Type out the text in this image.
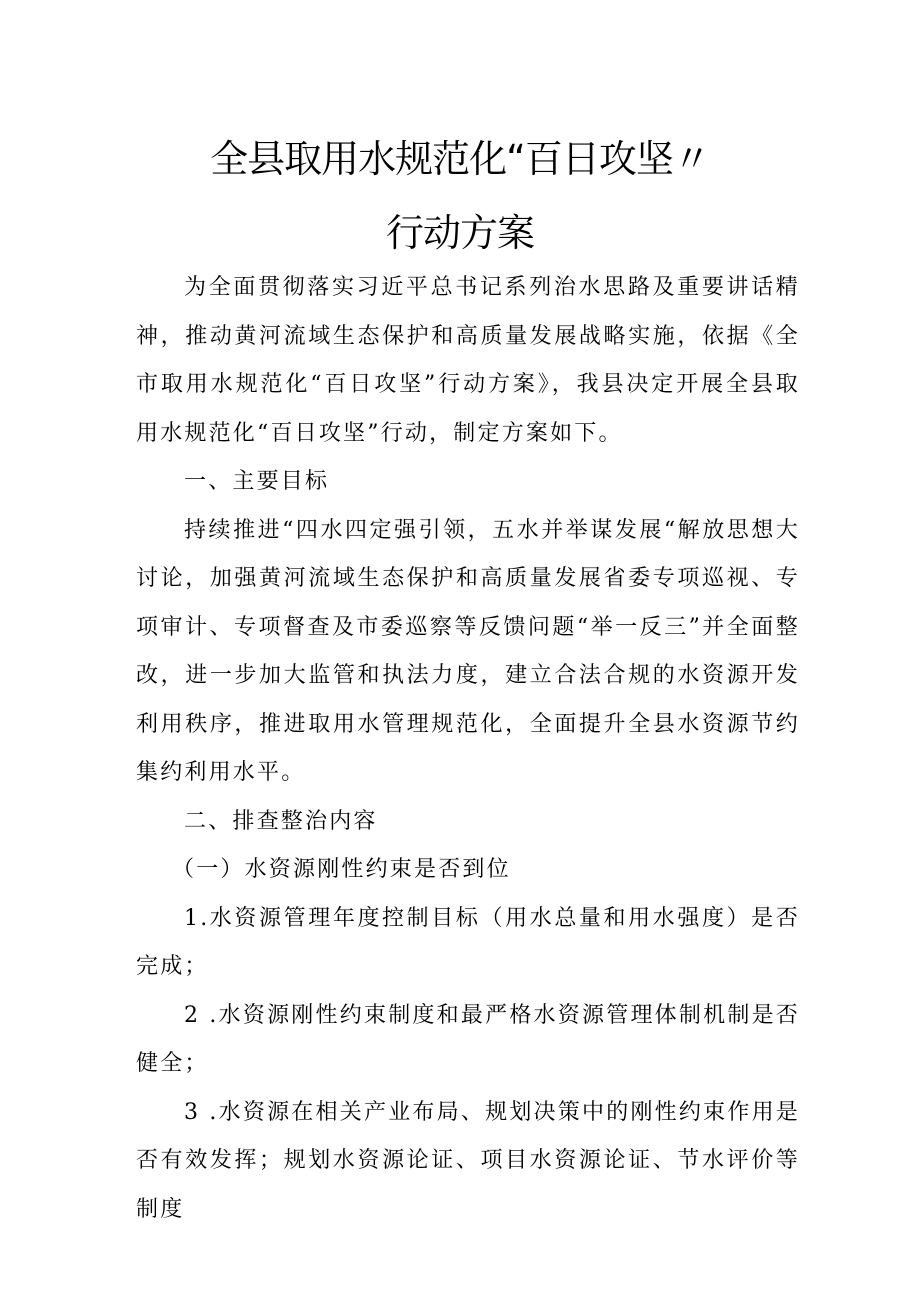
全县取用水规范化“百日攻坚〃
行动方案

为全面贯彻落实习近平总书记系列治水思路及重要讲话精神，推动黄河流域生态保护和高质量发展战略实施，依据《全市取用水规范化“百日攻坚”行动方案》，我县决定开展全县取用水规范化“百日攻坚”行动，制定方案如下。

一、主要目标

持续推进“四水四定强引领，五水并举谋发展“解放思想大讨论，加强黄河流域生态保护和高质量发展省委专项巡视、专项审计、专项督查及市委巡察等反馈问题“举一反三”并全面整改，进一步加大监管和执法力度，建立合法合规的水资源开发利用秩序，推进取用水管理规范化，全面提升全县水资源节约集约利用水平。

二、排查整治内容

（一）水资源刚性约束是否到位

1.水资源管理年度控制目标（用水总量和用水强度）是否完成；

2 .水资源刚性约束制度和最严格水资源管理体制机制是否健全；

3 .水资源在相关产业布局、规划决策中的刚性约束作用是否有效发挥；规划水资源论证、项目水资源论证、节水评价等制度
